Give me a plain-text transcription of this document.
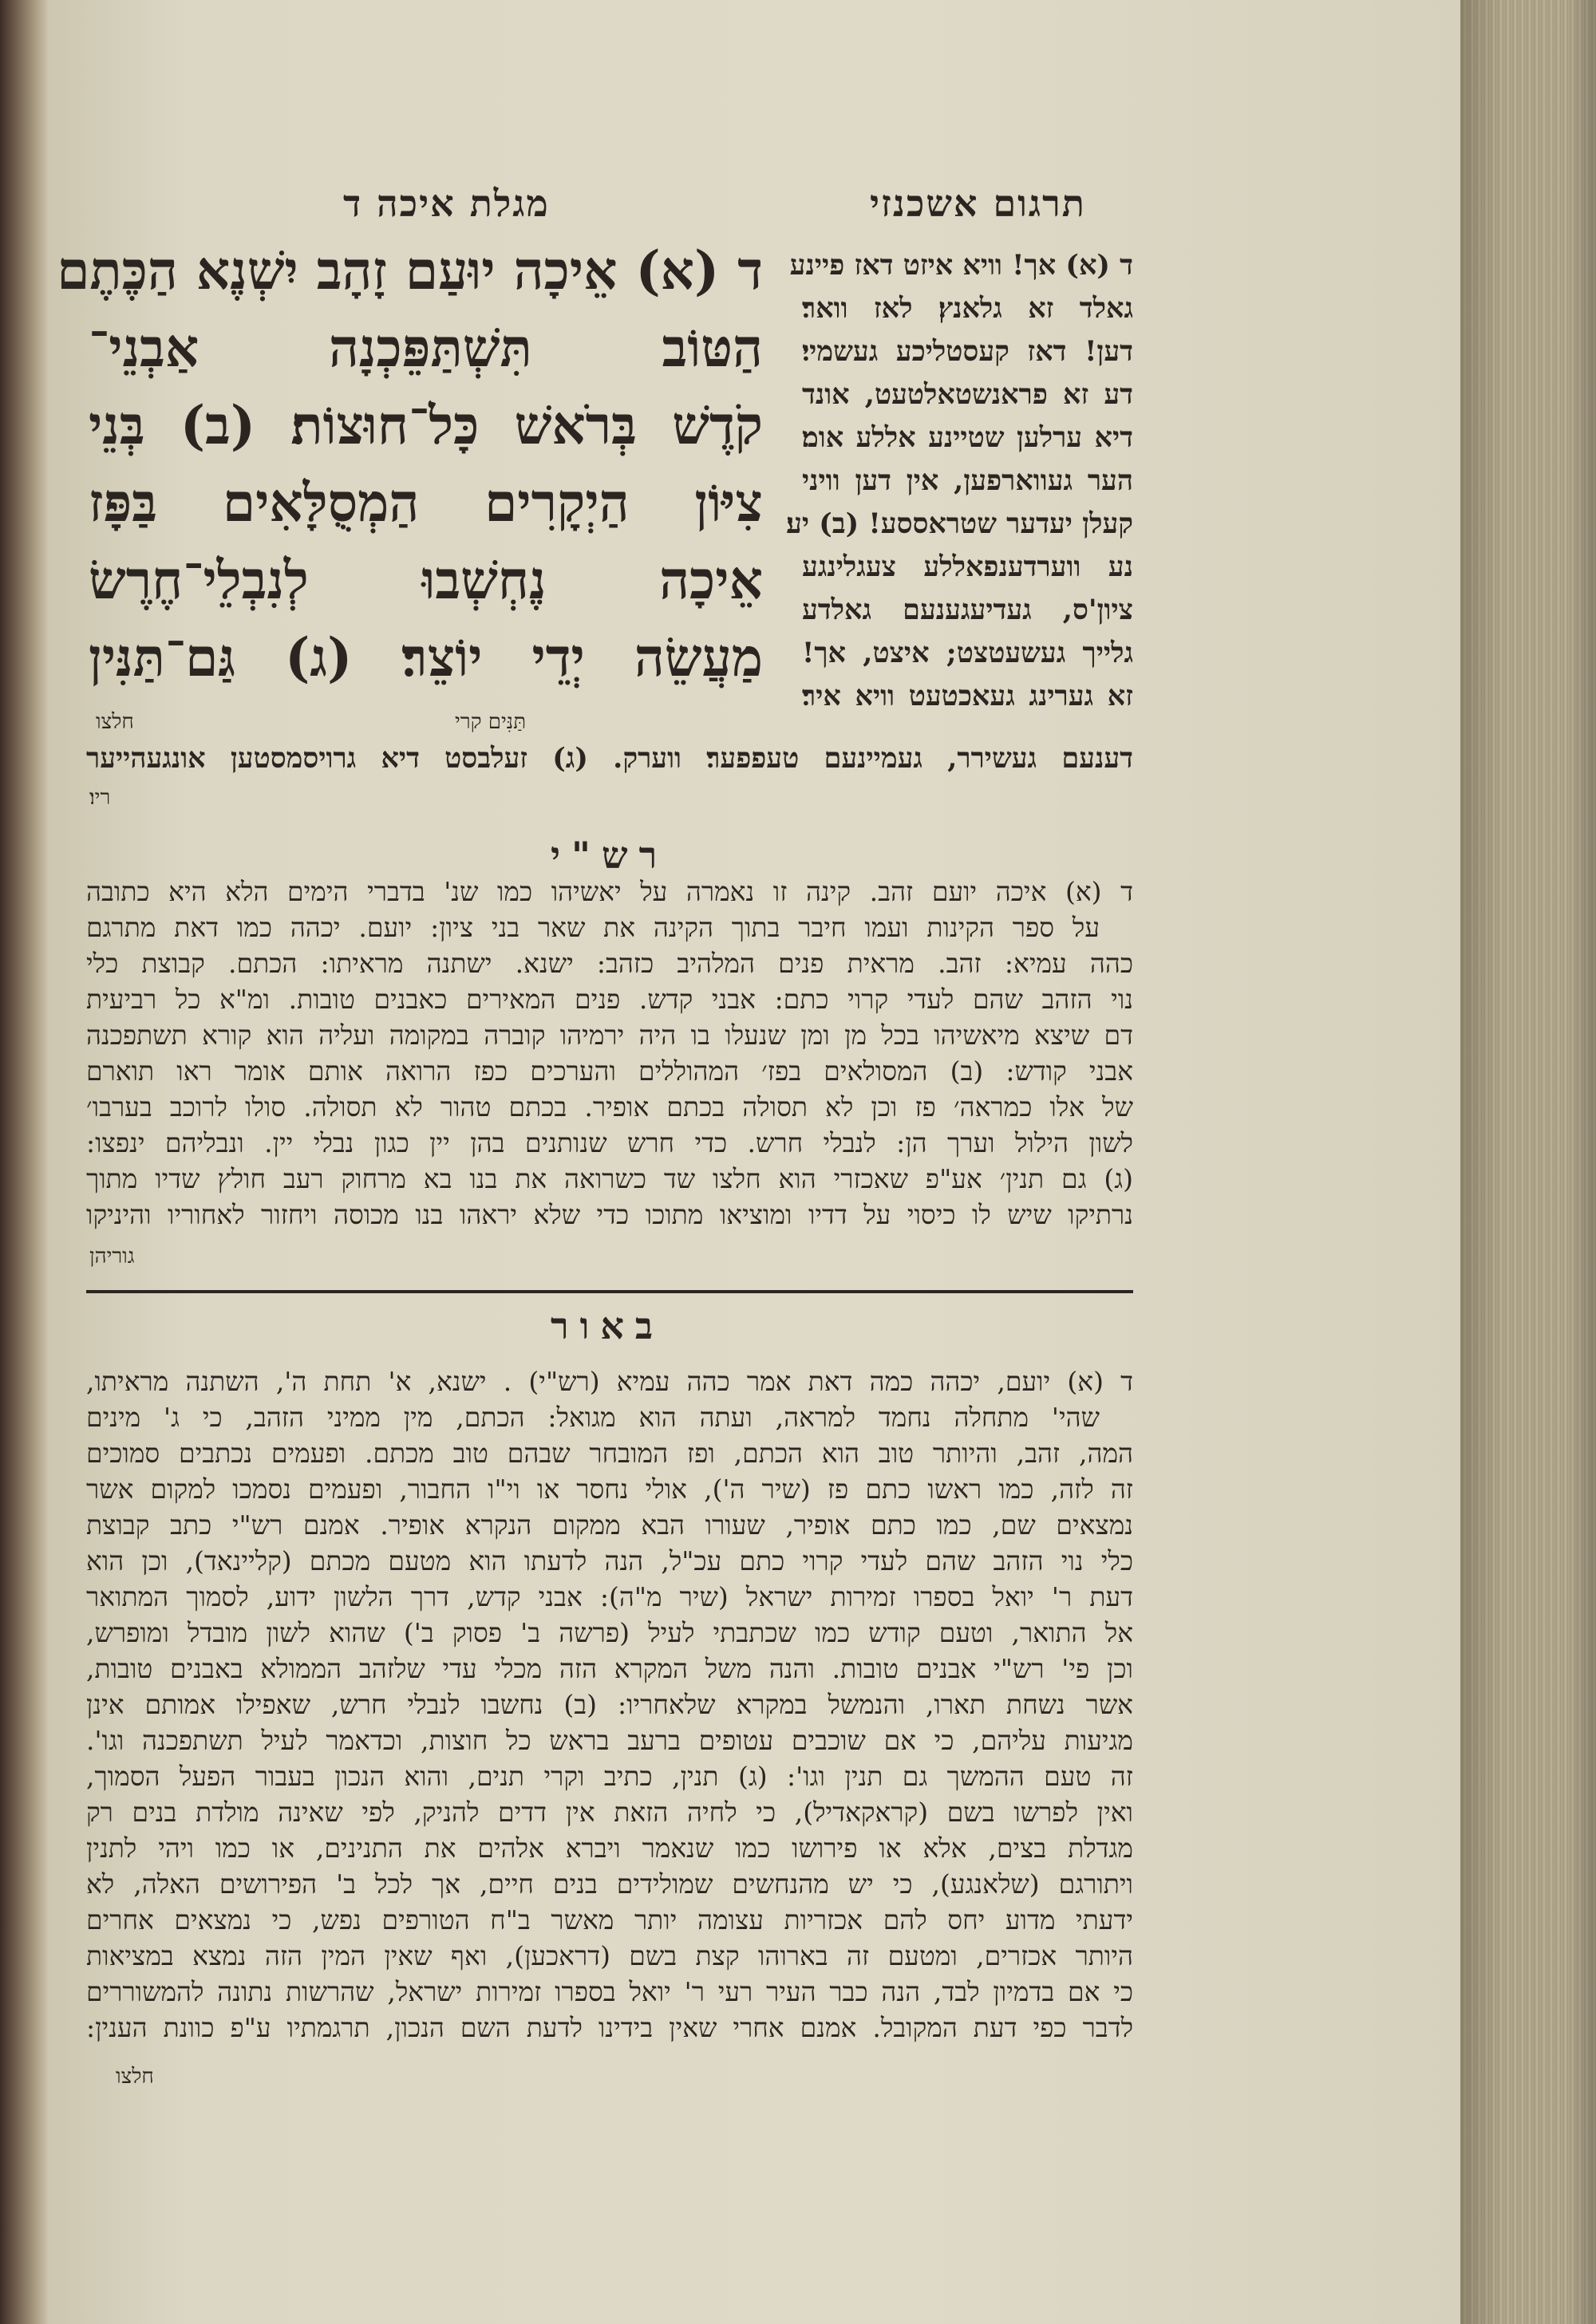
מגלת איכה ד	תרגום אשכנזי
ד (א) אֵיכָה יוּעַם זָהָב יִשְׁנֶא הַכֶּתֶם
הַטּוֹב תִּשְׁתַּפֵּכְנָה אַבְנֵי־
קֹדֶשׁ בְּרֹאשׁ כָּל־חוּצוֹת׃ (ב) בְּנֵי
צִיּוֹן הַיְקָרִים הַמְסֻלָּאִים בַּפָּז
אֵיכָה נֶחְשְׁבוּ לְנִבְלֵי־חֶרֶשׂ
מַעֲשֵׂה יְדֵי יוֹצֵר׃ (ג) גַּם־תַּנִּין
תַּנִּים קרי
חלצו
ד (א) אך! וויא איזט דאז פיינע
גאלד זא גלאנץ׃ לאז וואר׃
דען! דאז קעסטליכע געשמיי׃
דע זא פראנשטאלטעט, אונד
דיא ערלען שטיינע אללע אומ׃
הער געווארפען, אין דען וויני
קעלן יעדער שטראססע! (ב) יע׃
נע ווערדענפאללע צעגלינגע
ציון'ס, געדיעגענעם גאלדע
גלייך געשעטצט; איצט, אך!
זא גערינג געאכטעט וויא איר׃
דענעם געשירר, געמיינעם טעפפער׃ ווערק. (ג) זעלבסט דיא גרויסמסטען אונגעהייער
ריו׃
רש"י
ד (א) איכה יועם זהב. קינה זו נאמרה על יאשיהו כמו שנ' בדברי הימים הלא היא כתובה
על ספר הקינות ועמו חיבר בתוך הקינה את שאר בני ציון: יועם. יכהה כמו דאת מתרגם
כהה עמיא: זהב. מראית פנים המלהיב כזהב: ישנא. ישתנה מראיתו: הכתם. קבוצת כלי
נוי הזהב שהם לעדי קרוי כתם: אבני קדש. פנים המאירים כאבנים טובות. ומ"א כל רביעית
דם שיצא מיאשיהו בכל מן ומן שנעלו בו היה ירמיהו קוברה במקומה ועליה הוא קורא תשתפכנה
אבני קודש: (ב) המסולאים בפז׳ המהוללים והערכים כפז הרואה אותם אומר ראו תוארם
של אלו כמראה׳ פז וכן לא תסולה בכתם אופיר. בכתם טהור לא תסולה. סולו לרוכב בערבו׳
לשון הילול וערך הן: לנבלי חרש. כדי חרש שנותנים בהן יין כגון נבלי יין. ונבליהם ינפצו:
(ג) גם תנין׳ אע"פ שאכזרי הוא חלצו שד כשרואה את בנו בא מרחוק רעב חולץ שדיו מתוך
נרתיקו שיש לו כיסוי על דדיו ומוציאו מתוכו כדי שלא יראהו בנו מכוסה ויחזור לאחוריו והיניקו
גוריהן
באור
ד (א) יועם, יכהה כמה דאת אמר כהה עמיא (רש"י) . ישנא, א' תחת ה', השתנה מראיתו,
שהי' מתחלה נחמד למראה, ועתה הוא מגואל: הכתם, מין ממיני הזהב, כי ג' מינים
המה, זהב, והיותר טוב הוא הכתם, ופז המובחר שבהם טוב מכתם. ופעמים נכתבים סמוכים
זה לזה, כמו ראשו כתם פז (שיר ה'), אולי נחסר או וי"ו החבור, ופעמים נסמכו למקום אשר
נמצאים שם, כמו כתם אופיר, שעורו הבא ממקום הנקרא אופיר. אמנם רש"י כתב קבוצת
כלי נוי הזהב שהם לעדי קרוי כתם עכ"ל, הנה לדעתו הוא מטעם מכתם (קליינאד), וכן הוא
דעת ר' יואל בספרו זמירות ישראל (שיר מ"ה): אבני קדש, דרך הלשון ידוע, לסמוך המתואר
אל התואר, וטעם קודש כמו שכתבתי לעיל (פרשה ב' פסוק ב') שהוא לשון מובדל ומופרש,
וכן פי' רש"י אבנים טובות. והנה משל המקרא הזה מכלי עדי שלזהב הממולא באבנים טובות,
אשר נשחת תארו, והנמשל במקרא שלאחריו: (ב) נחשבו לנבלי חרש, שאפילו אמותם אינן
מגיעות עליהם, כי אם שוכבים עטופים ברעב בראש כל חוצות, וכדאמר לעיל תשתפכנה וגו'.
זה טעם ההמשך גם תנין וגו': (ג) תנין, כתיב וקרי תנים, והוא הנכון בעבור הפעל הסמוך,
ואין לפרשו בשם (קראקאדיל), כי לחיה הזאת אין דדים להניק, לפי שאינה מולדת בנים רק
מגדלת בצים, אלא או פירושו כמו שנאמר ויברא אלהים את התנינים, או כמו ויהי לתנין
ויתורגם (שלאנגע), כי יש מהנחשים שמולידים בנים חיים, אך לכל ב' הפירושים האלה, לא
ידעתי מדוע יחס להם אכזריות עצומה יותר מאשר ב"ח הטורפים נפש, כי נמצאים אחרים
היותר אכזרים, ומטעם זה בארוהו קצת בשם (דראכען), ואף שאין המין הזה נמצא במציאות
כי אם בדמיון לבד, הנה כבר העיר רעי ר' יואל בספרו זמירות ישראל, שהרשות נתונה להמשוררים
לדבר כפי דעת המקובל. אמנם אחרי שאין בידינו לדעת השם הנכון, תרגמתיו ע"פ כוונת הענין:
חלצו
